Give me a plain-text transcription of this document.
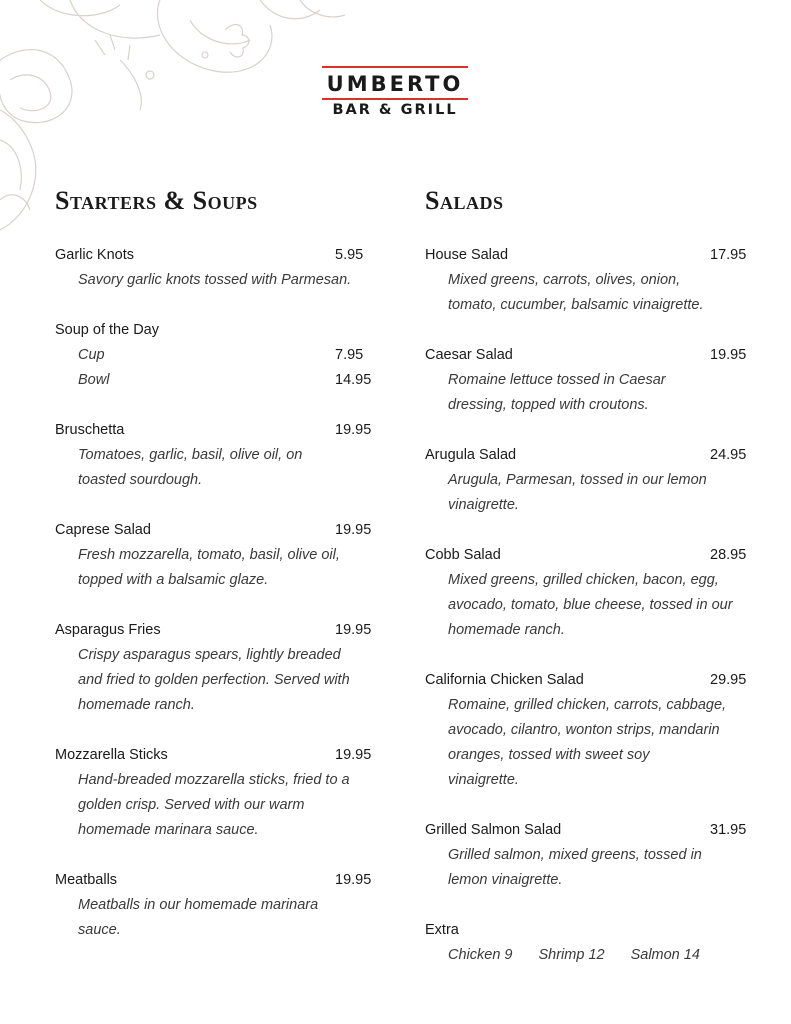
UMBERTO
BAR & GRILL
Starters & Soups	Salads
Garlic Knots	5.95
Savory garlic knots tossed with Parmesan.
Soup of the Day
Cup	7.95
Bowl	14.95
Bruschetta	19.95
Tomatoes, garlic, basil, olive oil, on
toasted sourdough.
Caprese Salad	19.95
Fresh mozzarella, tomato, basil, olive oil,
topped with a balsamic glaze.
Asparagus Fries	19.95
Crispy asparagus spears, lightly breaded
and fried to golden perfection. Served with
homemade ranch.
Mozzarella Sticks	19.95
Hand-breaded mozzarella sticks, fried to a
golden crisp. Served with our warm
homemade marinara sauce.
Meatballs	19.95
Meatballs in our homemade marinara
sauce.
House Salad	17.95
Mixed greens, carrots, olives, onion,
tomato, cucumber, balsamic vinaigrette.
Caesar Salad	19.95
Romaine lettuce tossed in Caesar
dressing, topped with croutons.
Arugula Salad	24.95
Arugula, Parmesan, tossed in our lemon
vinaigrette.
Cobb Salad	28.95
Mixed greens, grilled chicken, bacon, egg,
avocado, tomato, blue cheese, tossed in our
homemade ranch.
California Chicken Salad	29.95
Romaine, grilled chicken, carrots, cabbage,
avocado, cilantro, wonton strips, mandarin
oranges, tossed with sweet soy
vinaigrette.
Grilled Salmon Salad	31.95
Grilled salmon, mixed greens, tossed in
lemon vinaigrette.
Extra
Chicken 9 Shrimp 12 Salmon 14
